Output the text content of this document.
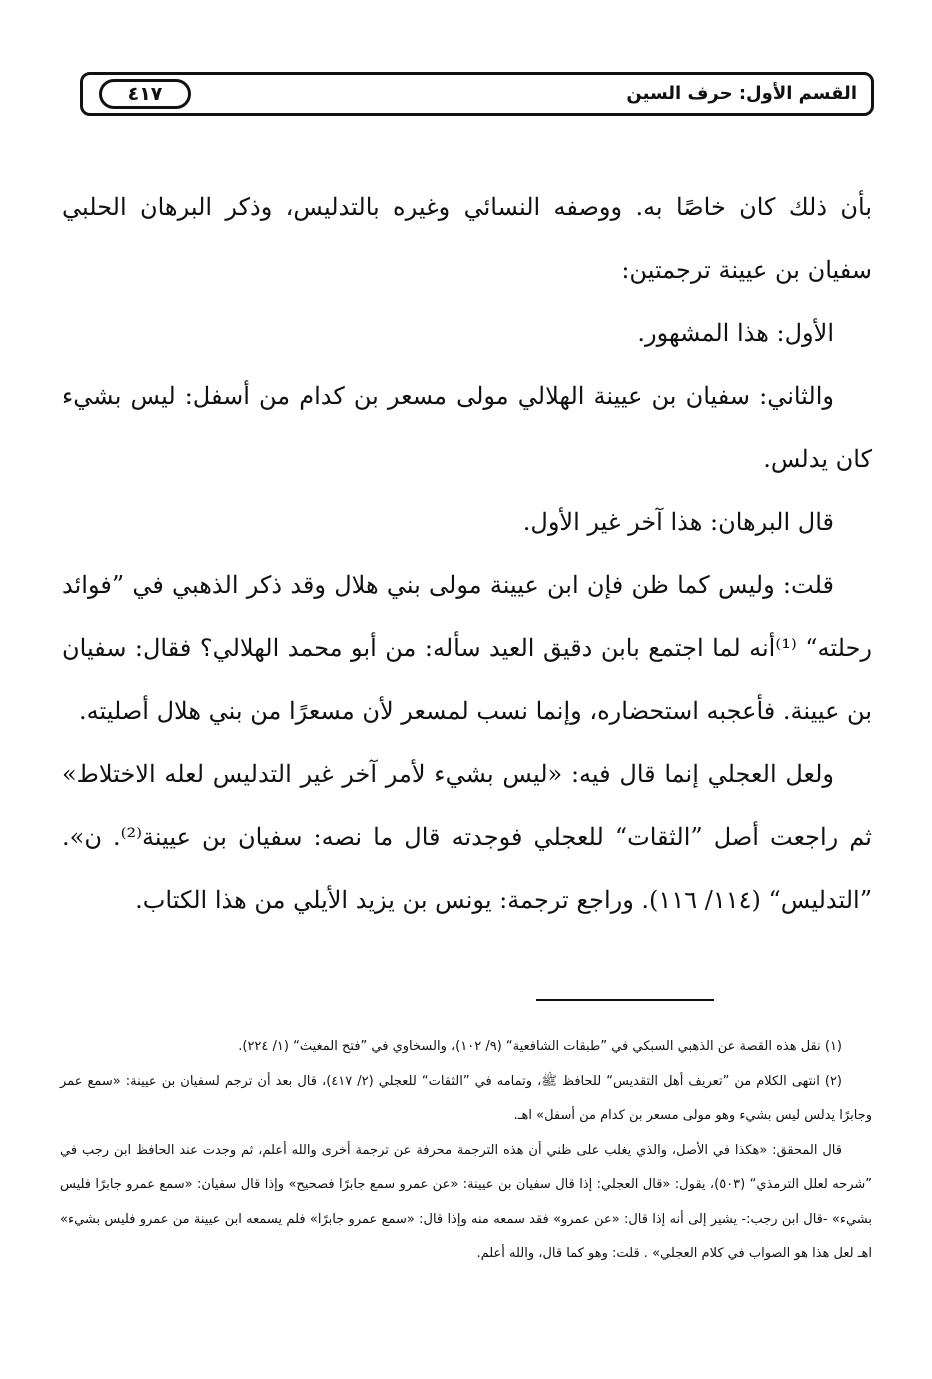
القسم الأول: حرف السين
٤١٧

بأن ذلك كان خاصًا به. ووصفه النسائي وغيره بالتدليس، وذكر البرهان الحلبي سفيان بن عيينة ترجمتين:

الأول: هذا المشهور.

والثاني: سفيان بن عيينة الهلالي مولى مسعر بن كدام من أسفل: ليس بشيء كان يدلس.

قال البرهان: هذا آخر غير الأول.

قلت: وليس كما ظن فإن ابن عيينة مولى بني هلال وقد ذكر الذهبي في ”فوائد رحلته“ ⁽¹⁾أنه لما اجتمع بابن دقيق العيد سأله: من أبو محمد الهلالي؟ فقال: سفيان بن عيينة. فأعجبه استحضاره، وإنما نسب لمسعر لأن مسعرًا من بني هلال أصليته.

ولعل العجلي إنما قال فيه: «ليس بشيء لأمر آخر غير التدليس لعله الاختلاط» ثم راجعت أصل ”الثقات“ للعجلي فوجدته قال ما نصه: سفيان بن عيينة⁽²⁾. ن». ”التدليس“ (١١٤/ ١١٦). وراجع ترجمة: يونس بن يزيد الأيلي من هذا الكتاب.

(١) نقل هذه القصة عن الذهبي السبكي في ”طبقات الشافعية“ (٩/ ١٠٢)، والسخاوي في ”فتح المغيث“ (١/ ٢٢٤).

(٢) انتهى الكلام من ”تعريف أهل التقديس“ للحافظ ﷺ، وتمامه في ”الثقات“ للعجلي (٢/ ٤١٧)، قال بعد أن ترجم لسفيان بن عيينة: «سمع عمر وجابرًا يدلس ليس بشيء وهو مولى مسعر بن كدام من أسفل» اهـ.

قال المحقق: «هكذا في الأصل، والذي يغلب على ظني أن هذه الترجمة محرفة عن ترجمة أخرى والله أعلم، ثم وجدت عند الحافظ ابن رجب في ”شرحه لعلل الترمذي“ (٥٠٣)، يقول: «قال العجلي: إذا قال سفيان بن عيينة: «عن عمرو سمع جابرًا فصحيح» وإذا قال سفيان: «سمع عمرو جابرًا فليس بشيء» -قال ابن رجب:- يشير إلى أنه إذا قال: «عن عمرو» فقد سمعه منه وإذا قال: «سمع عمرو جابرًا» فلم يسمعه ابن عيينة من عمرو فليس بشيء» اهـ لعل هذا هو الصواب في كلام العجلي» . قلت: وهو كما قال، والله أعلم.
